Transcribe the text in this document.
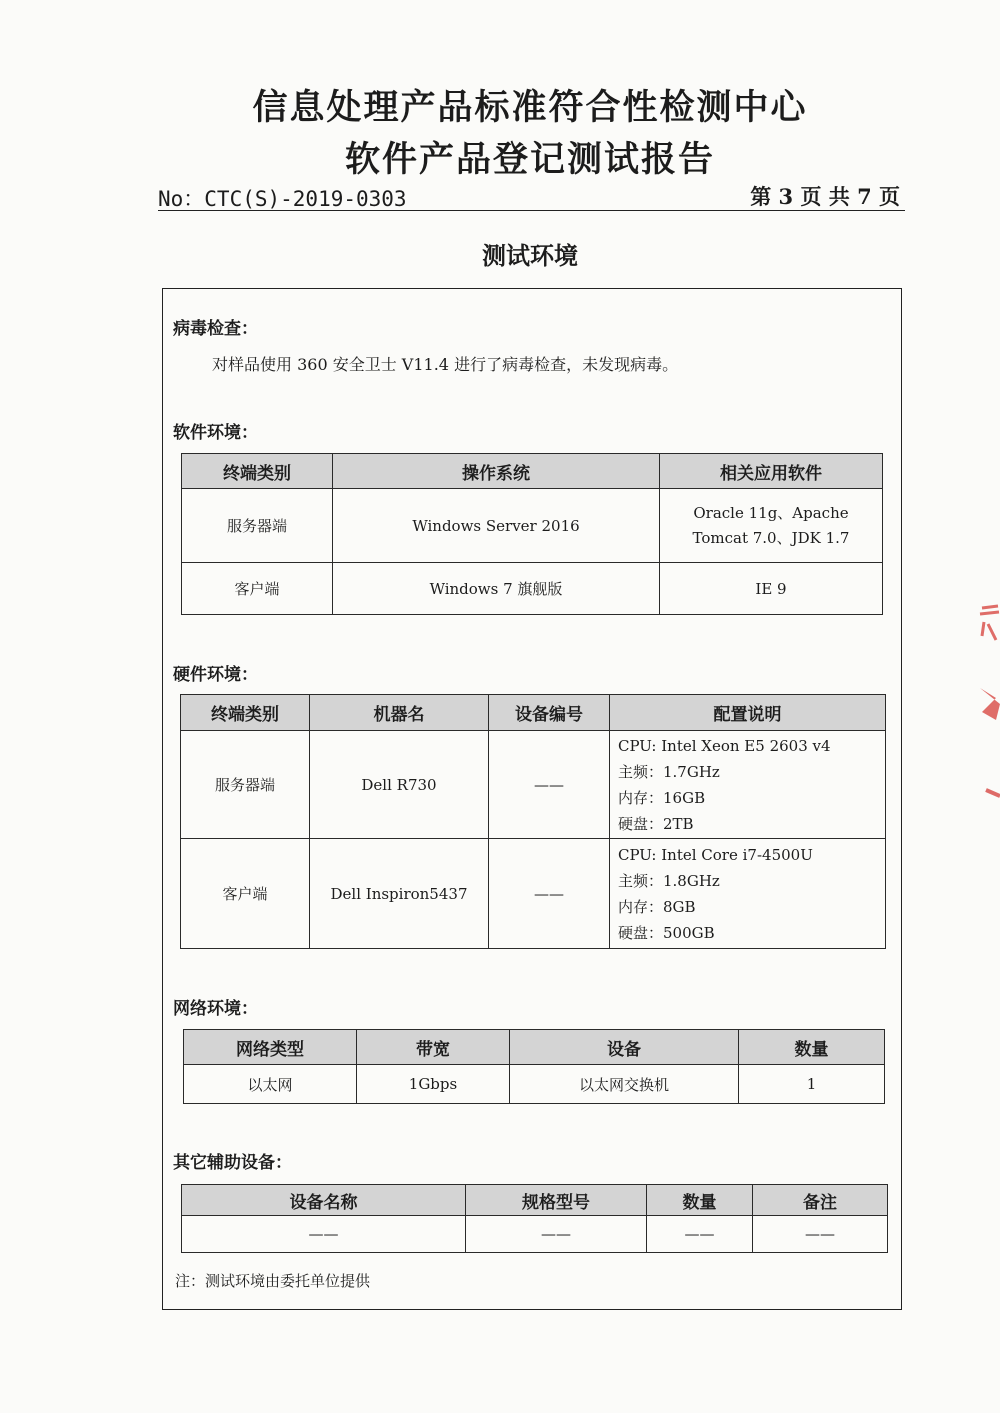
信息处理产品标准符合性检测中心
软件产品登记测试报告
No：CTC(S)-2019-0303	第 3 页 共 7 页
测试环境
病毒检查：
对样品使用 360 安全卫士 V11.4 进行了病毒检查，未发现病毒。
软件环境：
终端类别	操作系统	相关应用软件
服务器端	Windows Server 2016	Oracle 11g、Apache Tomcat 7.0、JDK 1.7
客户端	Windows 7 旗舰版	IE 9
硬件环境：
终端类别	机器名	设备编号	配置说明
服务器端	Dell R730	——	CPU: Intel Xeon E5 2603 v4
主频：1.7GHz
内存：16GB
硬盘：2TB

客户端	Dell Inspiron5437	——	CPU: Intel Core i7-4500U
主频：1.8GHz
内存：8GB
硬盘：500GB
网络环境：
网络类型	带宽	设备	数量
以太网	1Gbps	以太网交换机	1
其它辅助设备：
设备名称	规格型号	数量	备注
——	——	——	——
注：测试环境由委托单位提供
